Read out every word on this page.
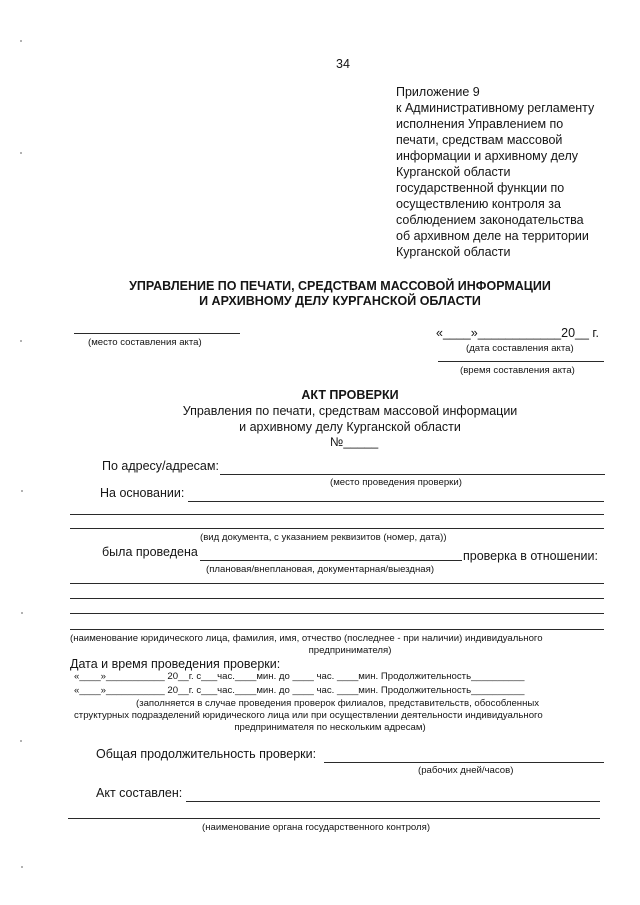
34
Приложение 9
к Административному регламенту
исполнения Управлением по
печати, средствам массовой
информации и архивному делу
Курганской области
государственной функции по
осуществлению контроля за
соблюдением законодательства
об архивном деле на территории
Курганской области
УПРАВЛЕНИЕ ПО ПЕЧАТИ, СРЕДСТВАМ МАССОВОЙ ИНФОРМАЦИИ
И АРХИВНОМУ ДЕЛУ КУРГАНСКОЙ ОБЛАСТИ
(место составления акта)
«____»____________20__ г.
(дата составления акта)
(время составления акта)
АКТ ПРОВЕРКИ
Управления по печати, средствам массовой информации
и архивному делу Курганской области
№_____
По адресу/адресам:
(место проведения проверки)
На основании:
(вид документа, с указанием реквизитов (номер, дата))
была проведена	проверка в отношении:
(плановая/внеплановая, документарная/выездная)
(наименование юридического лица, фамилия, имя, отчество (последнее - при наличии) индивидуального
предпринимателя)
Дата и время проведения проверки:
«____»___________ 20__г. с___час.____мин. до ____ час. ____мин. Продолжительность__________
«____»___________ 20__г. с___час.____мин. до ____ час. ____мин. Продолжительность__________
(заполняется в случае проведения проверок филиалов, представительств, обособленных
структурных подразделений юридического лица или при осуществлении деятельности индивидуального
предпринимателя по нескольким адресам)
Общая продолжительность проверки:
(рабочих дней/часов)
Акт составлен:
(наименование органа государственного контроля)
